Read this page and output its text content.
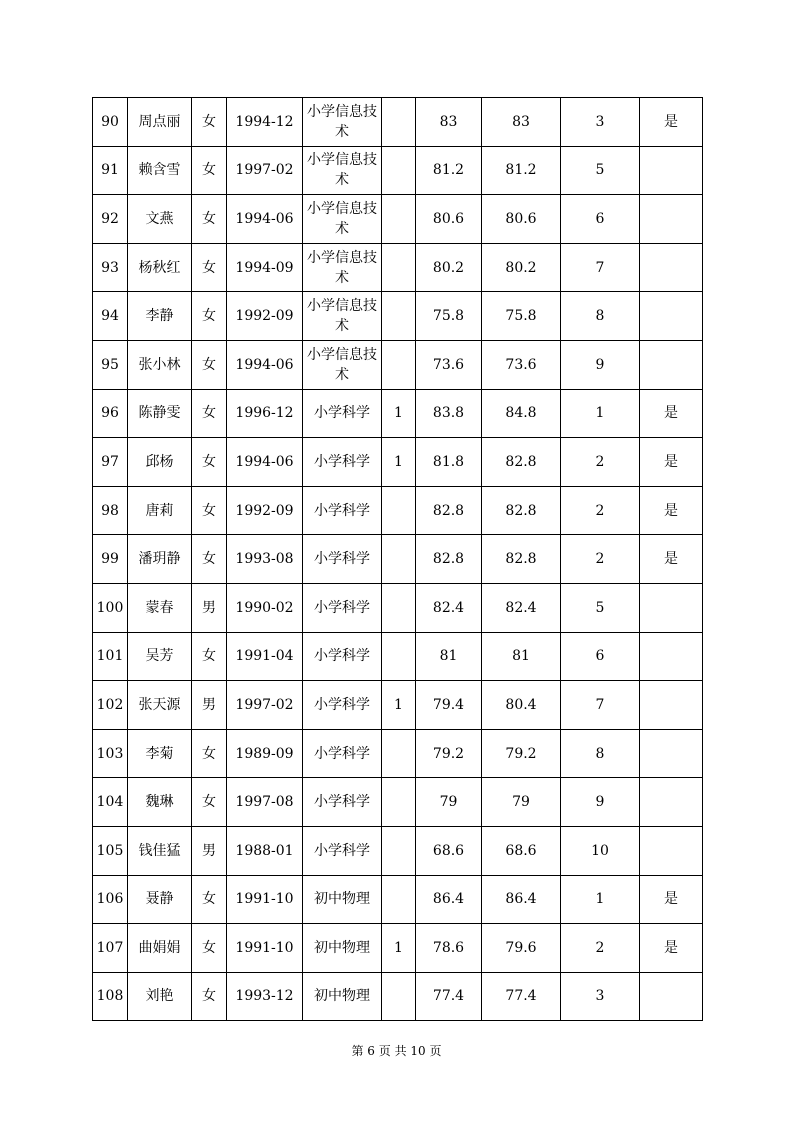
90	周点丽	女	1994-12	小学信息技术		83	83	3	是
91	赖含雪	女	1997-02	小学信息技术		81.2	81.2	5	
92	文燕	女	1994-06	小学信息技术		80.6	80.6	6	
93	杨秋红	女	1994-09	小学信息技术		80.2	80.2	7	
94	李静	女	1992-09	小学信息技术		75.8	75.8	8	
95	张小林	女	1994-06	小学信息技术		73.6	73.6	9	
96	陈静雯	女	1996-12	小学科学	1	83.8	84.8	1	是
97	邱杨	女	1994-06	小学科学	1	81.8	82.8	2	是
98	唐莉	女	1992-09	小学科学		82.8	82.8	2	是
99	潘玥静	女	1993-08	小学科学		82.8	82.8	2	是
100	蒙春	男	1990-02	小学科学		82.4	82.4	5	
101	吴芳	女	1991-04	小学科学		81	81	6	
102	张天源	男	1997-02	小学科学	1	79.4	80.4	7	
103	李菊	女	1989-09	小学科学		79.2	79.2	8	
104	魏琳	女	1997-08	小学科学		79	79	9	
105	钱佳猛	男	1988-01	小学科学		68.6	68.6	10	
106	聂静	女	1991-10	初中物理		86.4	86.4	1	是
107	曲娟娟	女	1991-10	初中物理	1	78.6	79.6	2	是
108	刘艳	女	1993-12	初中物理		77.4	77.4	3	
第 6 页 共 10 页
